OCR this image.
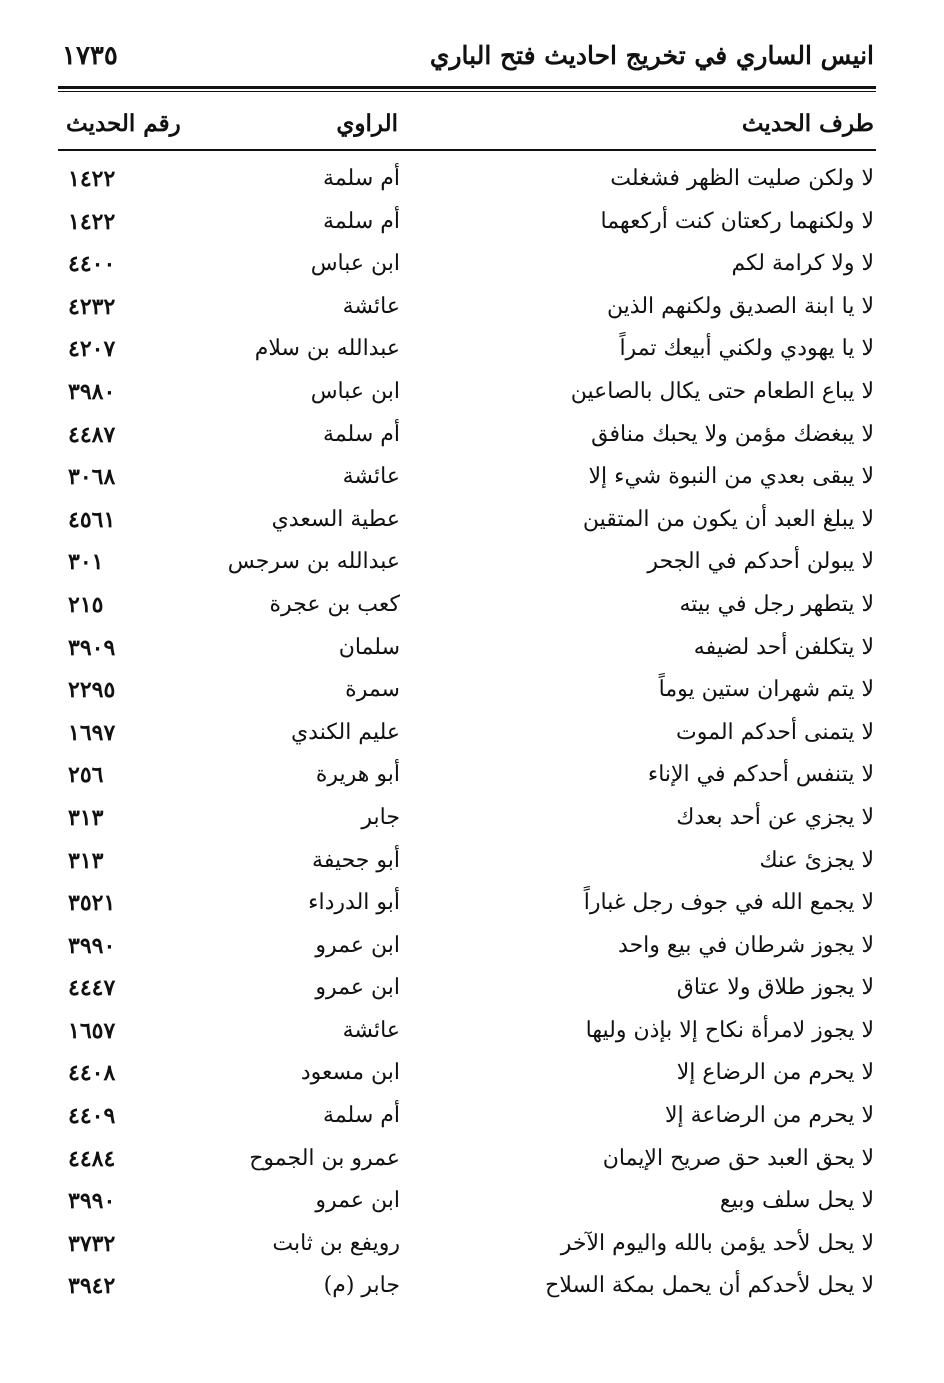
انيس الساري في تخريج احاديث فتح الباري
١٧٣٥
طرف الحديث
الراوي
رقم الحديث
لا ولكن صليت الظهر فشغلت
أم سلمة
١٤٢٢
لا ولكنهما ركعتان كنت أركعهما
أم سلمة
١٤٢٢
لا ولا كرامة لكم
ابن عباس
٤٤٠٠
لا يا ابنة الصديق ولكنهم الذين
عائشة
٤٢٣٢
لا يا يهودي ولكني أبيعك تمراً
عبدالله بن سلام
٤٢٠٧
لا يباع الطعام حتى يكال بالصاعين
ابن عباس
٣٩٨٠
لا يبغضك مؤمن ولا يحبك منافق
أم سلمة
٤٤٨٧
لا يبقى بعدي من النبوة شيء إلا
عائشة
٣٠٦٨
لا يبلغ العبد أن يكون من المتقين
عطية السعدي
٤٥٦١
لا يبولن أحدكم في الجحر
عبدالله بن سرجس
٣٠١
لا يتطهر رجل في بيته
كعب بن عجرة
٢١٥
لا يتكلفن أحد لضيفه
سلمان
٣٩٠٩
لا يتم شهران ستين يوماً
سمرة
٢٢٩٥
لا يتمنى أحدكم الموت
عليم الكندي
١٦٩٧
لا يتنفس أحدكم في الإناء
أبو هريرة
٢٥٦
لا يجزي عن أحد بعدك
جابر
٣١٣
لا يجزئ عنك
أبو جحيفة
٣١٣
لا يجمع الله في جوف رجل غباراً
أبو الدرداء
٣٥٢١
لا يجوز شرطان في بيع واحد
ابن عمرو
٣٩٩٠
لا يجوز طلاق ولا عتاق
ابن عمرو
٤٤٤٧
لا يجوز لامرأة نكاح إلا بإذن وليها
عائشة
١٦٥٧
لا يحرم من الرضاع إلا
ابن مسعود
٤٤٠٨
لا يحرم من الرضاعة إلا
أم سلمة
٤٤٠٩
لا يحق العبد حق صريح الإيمان
عمرو بن الجموح
٤٤٨٤
لا يحل سلف وبيع
ابن عمرو
٣٩٩٠
لا يحل لأحد يؤمن بالله واليوم الآخر
رويفع بن ثابت
٣٧٣٢
لا يحل لأحدكم أن يحمل بمكة السلاح
جابر (م)
٣٩٤٢
